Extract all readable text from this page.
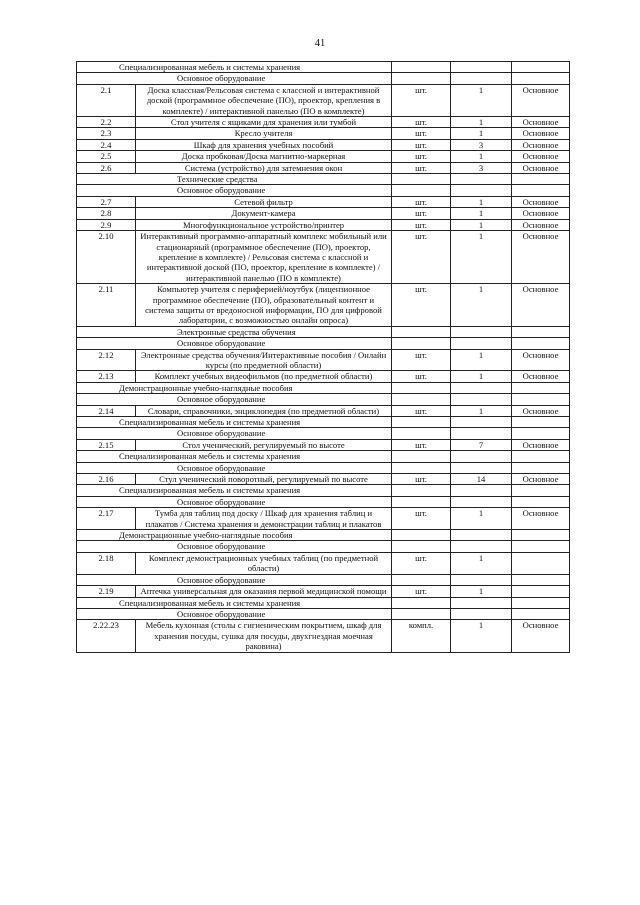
41
Специализированная мебель и системы хранения				
Основное оборудование				
2.1	Доска классная/Рельсовая система с классной и интерактивной доской (программное обеспечение (ПО), проектор, крепления в комплекте) / интерактивной панелью (ПО в комплекте)	шт.	1	Основное
2.2	Стол учителя с ящиками для хранения или тумбой	шт.	1	Основное
2.3	Кресло учителя	шт.	1	Основное
2.4	Шкаф для хранения учебных пособий	шт.	3	Основное
2.5	Доска пробковая/Доска магнитно-маркерная	шт.	1	Основное
2.6	Система (устройство) для затемнения окон	шт.	3	Основное
Технические средства				
Основное оборудование				
2.7	Сетевой фильтр	шт.	1	Основное
2.8	Документ-камера	шт.	1	Основное
2.9	Многофункциональное устройство/принтер	шт.	1	Основное
2.10	Интерактивный программно-аппаратный комплекс мобильный или стационарный (программное обеспечение (ПО), проектор, крепление в комплекте) / Рельсовая система с классной и интерактивной доской (ПО, проектор, крепление в комплекте) / интерактивной панелью (ПО в комплекте)	шт.	1	Основное
2.11	Компьютер учителя с периферией/ноутбук (лицензионное программное обеспечение (ПО), образовательный контент и система защиты от вредоносной информации, ПО для цифровой лаборатории, с возможностью онлайн опроса)	шт.	1	Основное
Электронные средства обучения				
Основное оборудование				
2.12	Электронные средства обучения/Интерактивные пособия / Онлайн курсы (по предметной области)	шт.	1	Основное
2.13	Комплект учебных видеофильмов (по предметной области)	шт.	1	Основное
Демонстрационные учебно-наглядные пособия				
Основное оборудование				
2.14	Словари, справочники, энциклопедия (по предметной области)	шт.	1	Основное
Специализированная мебель и системы хранения				
Основное оборудование				
2.15	Стол ученический, регулируемый по высоте	шт.	7	Основное
Специализированная мебель и системы хранения				
Основное оборудование				
2.16	Стул ученический поворотный, регулируемый по высоте	шт.	14	Основное
Специализированная мебель и системы хранения				
Основное оборудование				
2.17	Тумба для таблиц под доску / Шкаф для хранения таблиц и плакатов / Система хранения и демонстрации таблиц и плакатов	шт.	1	Основное
Демонстрационные учебно-наглядные пособия				
Основное оборудование				
2.18	Комплект демонстрационных учебных таблиц (по предметной области)	шт.	1	
Основное оборудование				
2.19	Аптечка универсальная для оказания первой медицинской помощи	шт.	1	
Специализированная мебель и системы хранения				
Основное оборудование				
2.22.23	Мебель кухонная (столы с гигиеническим покрытием, шкаф для хранения посуды, сушка для посуды, двухгнездная моечная раковина)	компл.	1	Основное
